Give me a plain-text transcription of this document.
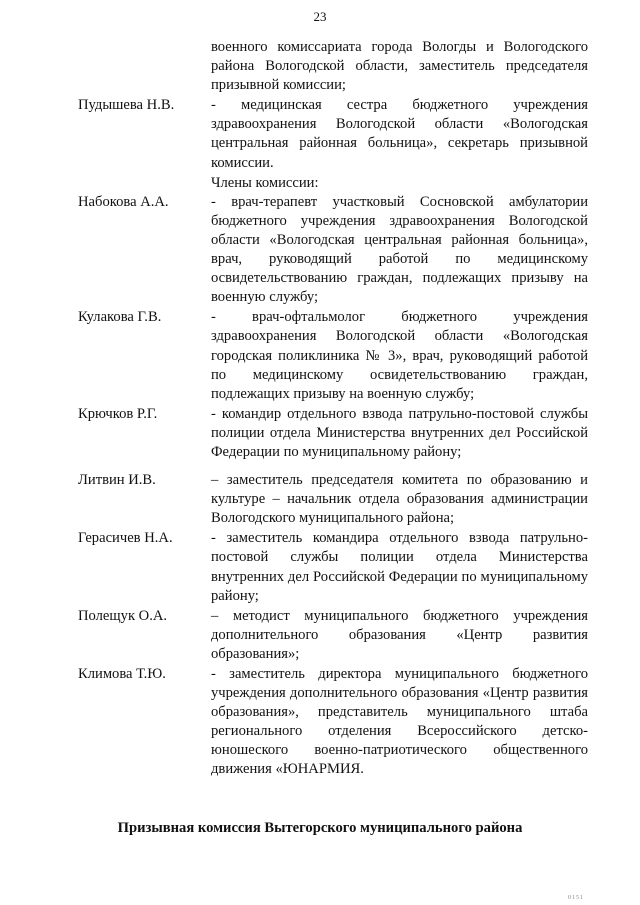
23
военного комиссариата города Вологды и Вологодского района Вологодской области, заместитель председателя призывной комиссии;
Пудышева Н.В.	- медицинская сестра бюджетного учреждения здравоохранения Вологодской области «Вологодская центральная районная больница», секретарь призывной комиссии.
Члены комиссии:
Набокова А.А.	- врач-терапевт участковый Сосновской амбулатории бюджетного учреждения здравоохранения Вологодской области «Вологодская центральная районная больница», врач, руководящий работой по медицинскому освидетельствованию граждан, подлежащих призыву на военную службу;
Кулакова Г.В.	- врач-офтальмолог бюджетного учреждения здравоохранения Вологодской области «Вологодская городская поликлиника № 3», врач, руководящий работой по медицинскому освидетельствованию граждан, подлежащих призыву на военную службу;
Крючков Р.Г.	- командир отдельного взвода патрульно-постовой службы полиции отдела Министерства внутренних дел Российской Федерации по муниципальному району;
Литвин И.В.	– заместитель председателя комитета по образованию и культуре – начальник отдела образования администрации Вологодского муниципального района;
Герасичев Н.А.	- заместитель командира отдельного взвода патрульно-постовой службы полиции отдела Министерства внутренних дел Российской Федерации по муниципальному району;
Полещук О.А.	– методист муниципального бюджетного учреждения дополнительного образования «Центр развития образования»;
Климова Т.Ю.	- заместитель директора муниципального бюджетного учреждения дополнительного образования «Центр развития образования», представитель муниципального штаба регионального отделения Всероссийского детско-юношеского военно-патриотического общественного движения «ЮНАРМИЯ.
Призывная комиссия Вытегорского муниципального района
0151
